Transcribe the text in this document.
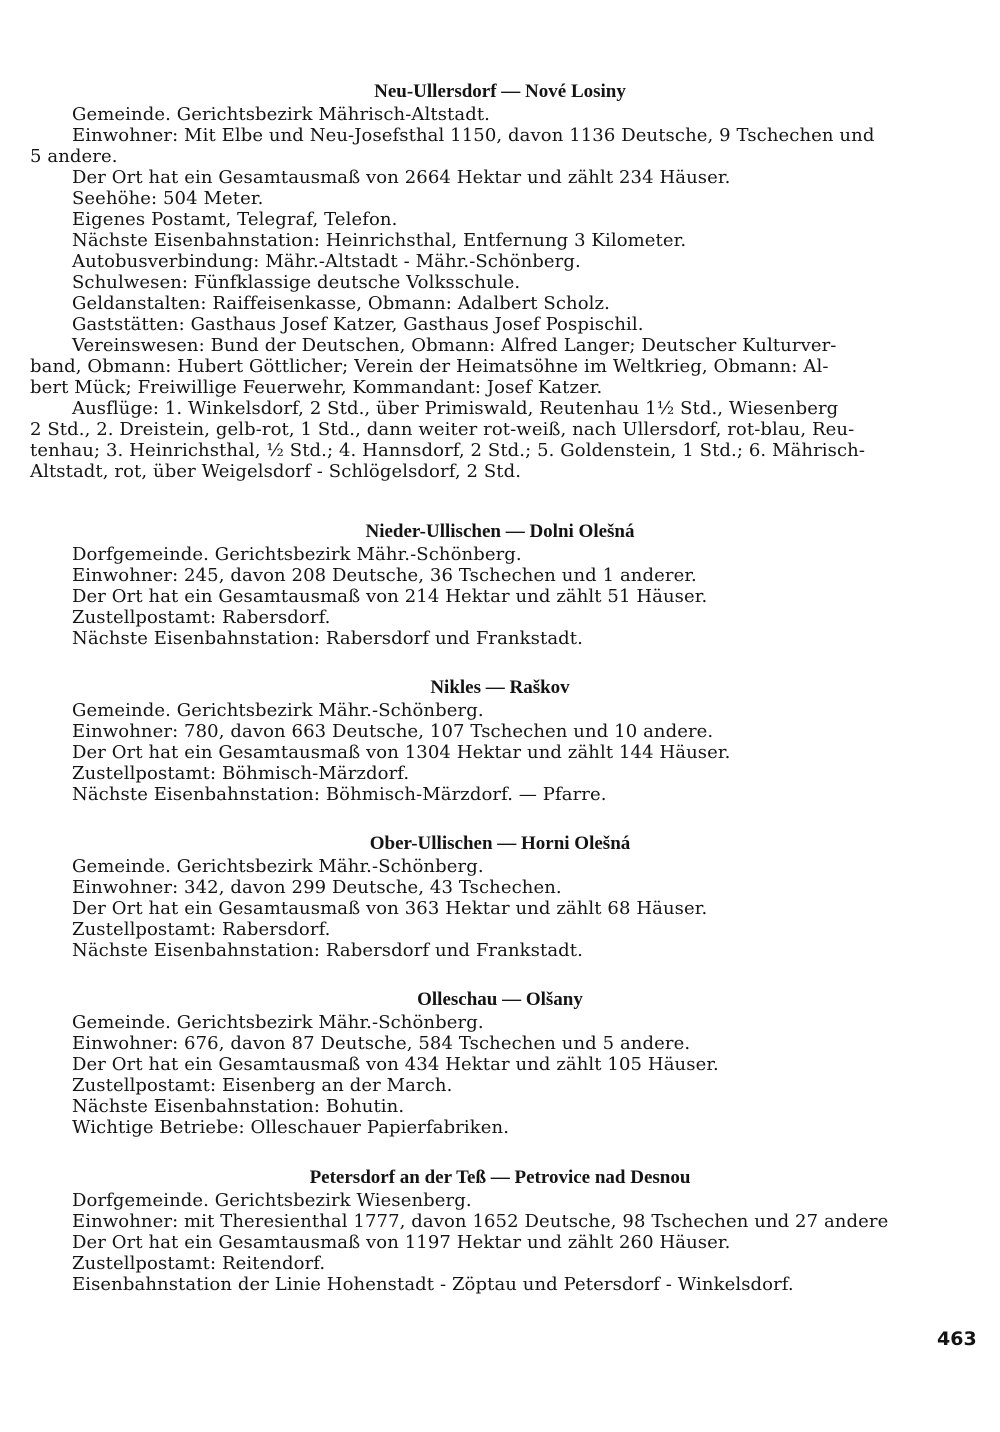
Neu-Ullersdorf — Nové Losiny
Gemeinde. Gerichtsbezirk Mährisch-Altstadt.
Einwohner: Mit Elbe und Neu-Josefsthal 1150, davon 1136 Deutsche, 9 Tschechen und
5 andere.
Der Ort hat ein Gesamtausmaß von 2664 Hektar und zählt 234 Häuser.
Seehöhe: 504 Meter.
Eigenes Postamt, Telegraf, Telefon.
Nächste Eisenbahnstation: Heinrichsthal, Entfernung 3 Kilometer.
Autobusverbindung: Mähr.-Altstadt - Mähr.-Schönberg.
Schulwesen: Fünfklassige deutsche Volksschule.
Geldanstalten: Raiffeisenkasse, Obmann: Adalbert Scholz.
Gaststätten: Gasthaus Josef Katzer, Gasthaus Josef Pospischil.
Vereinswesen: Bund der Deutschen, Obmann: Alfred Langer; Deutscher Kulturver-
band, Obmann: Hubert Göttlicher; Verein der Heimatsöhne im Weltkrieg, Obmann: Al-
bert Mück; Freiwillige Feuerwehr, Kommandant: Josef Katzer.
Ausflüge: 1. Winkelsdorf, 2 Std., über Primiswald, Reutenhau 1½ Std., Wiesenberg
2 Std., 2. Dreistein, gelb-rot, 1 Std., dann weiter rot-weiß, nach Ullersdorf, rot-blau, Reu-
tenhau; 3. Heinrichsthal, ½ Std.; 4. Hannsdorf, 2 Std.; 5. Goldenstein, 1 Std.; 6. Mährisch-
Altstadt, rot, über Weigelsdorf - Schlögelsdorf, 2 Std.
Nieder-Ullischen — Dolni Olešná
Dorfgemeinde. Gerichtsbezirk Mähr.-Schönberg.
Einwohner: 245, davon 208 Deutsche, 36 Tschechen und 1 anderer.
Der Ort hat ein Gesamtausmaß von 214 Hektar und zählt 51 Häuser.
Zustellpostamt: Rabersdorf.
Nächste Eisenbahnstation: Rabersdorf und Frankstadt.
Nikles — Raškov
Gemeinde. Gerichtsbezirk Mähr.-Schönberg.
Einwohner: 780, davon 663 Deutsche, 107 Tschechen und 10 andere.
Der Ort hat ein Gesamtausmaß von 1304 Hektar und zählt 144 Häuser.
Zustellpostamt: Böhmisch-Märzdorf.
Nächste Eisenbahnstation: Böhmisch-Märzdorf. — Pfarre.
Ober-Ullischen — Horni Olešná
Gemeinde. Gerichtsbezirk Mähr.-Schönberg.
Einwohner: 342, davon 299 Deutsche, 43 Tschechen.
Der Ort hat ein Gesamtausmaß von 363 Hektar und zählt 68 Häuser.
Zustellpostamt: Rabersdorf.
Nächste Eisenbahnstation: Rabersdorf und Frankstadt.
Olleschau — Olšany
Gemeinde. Gerichtsbezirk Mähr.-Schönberg.
Einwohner: 676, davon 87 Deutsche, 584 Tschechen und 5 andere.
Der Ort hat ein Gesamtausmaß von 434 Hektar und zählt 105 Häuser.
Zustellpostamt: Eisenberg an der March.
Nächste Eisenbahnstation: Bohutin.
Wichtige Betriebe: Olleschauer Papierfabriken.
Petersdorf an der Teß — Petrovice nad Desnou
Dorfgemeinde. Gerichtsbezirk Wiesenberg.
Einwohner: mit Theresienthal 1777, davon 1652 Deutsche, 98 Tschechen und 27 andere
Der Ort hat ein Gesamtausmaß von 1197 Hektar und zählt 260 Häuser.
Zustellpostamt: Reitendorf.
Eisenbahnstation der Linie Hohenstadt - Zöptau und Petersdorf - Winkelsdorf.
463
